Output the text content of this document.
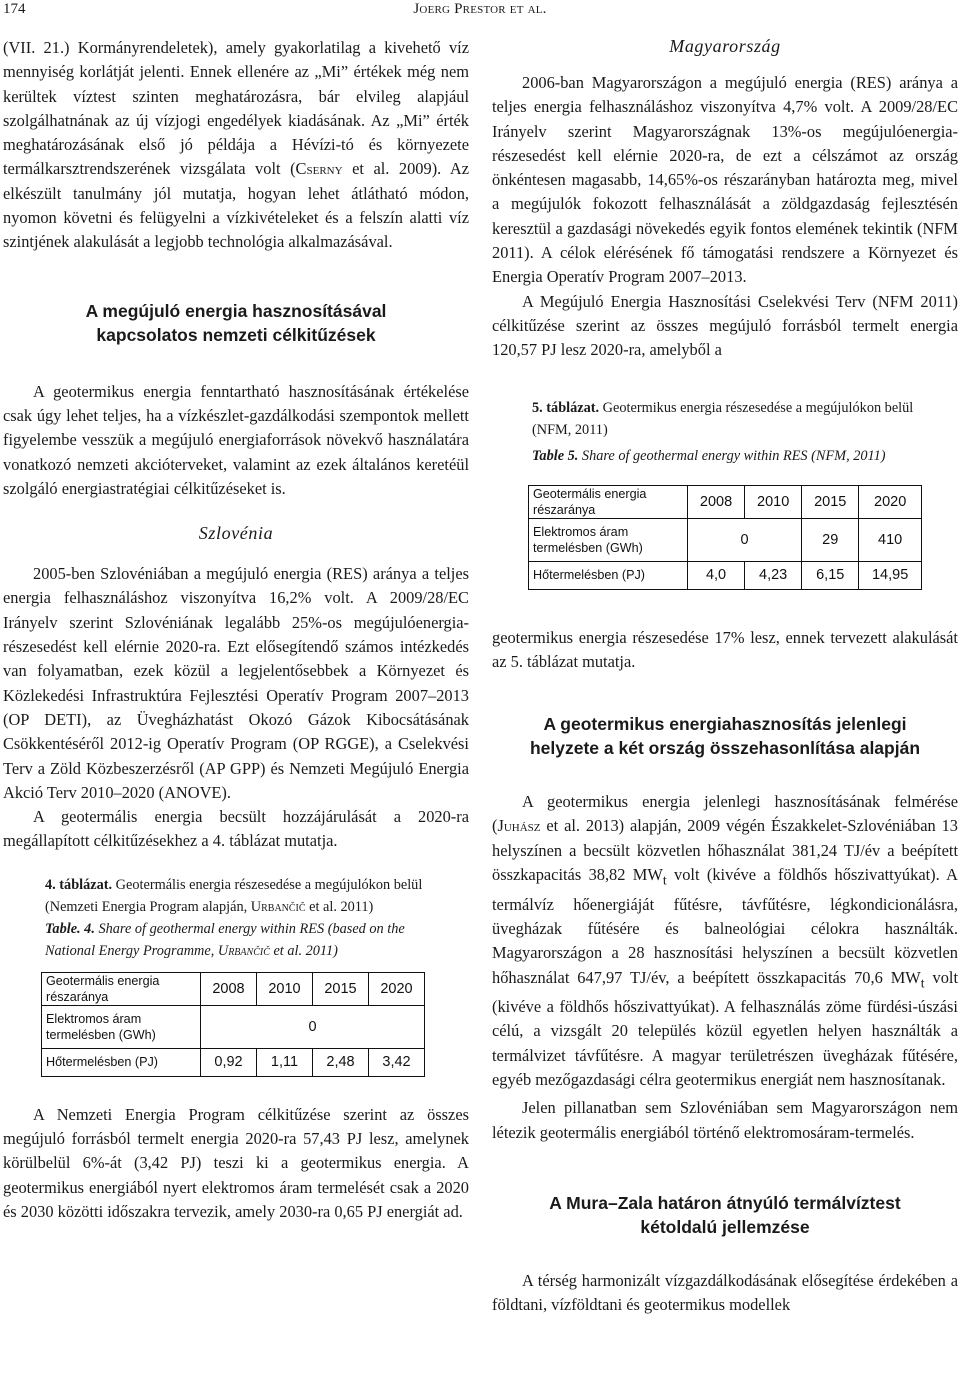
174	Joerg Prestor et al.

(VII. 21.) Kormányrendeletek), amely gyakorlatilag a kivehető víz mennyiség korlátját jelenti. Ennek ellenére az „Mi” értékek még nem kerültek víztest szinten meghatározásra, bár elvileg alapjául szolgálhatnának az új vízjogi engedélyek kiadásának. Az „Mi” érték meghatározásának első jó példája a Hévízi-tó és környezete termálkarsztrendszerének vizsgálata volt (Cserny et al. 2009). Az elkészült tanulmány jól mutatja, hogyan lehet átlátható módon, nyomon követni és felügyelni a vízkivételeket és a felszín alatti víz szintjének alakulását a legjobb technológia alkalmazásával.

A megújuló energia hasznosításával
kapcsolatos nemzeti célkitűzések

A geotermikus energia fenntartható hasznosításának értékelése csak úgy lehet teljes, ha a vízkészlet-gazdálkodási szempontok mellett figyelembe vesszük a megújuló energiaforrások növekvő használatára vonatkozó nemzeti akcióterveket, valamint az ezek általános keretéül szolgáló energiastratégiai célkitűzéseket is.

Szlovénia

2005-ben Szlovéniában a megújuló energia (RES) aránya a teljes energia felhasználáshoz viszonyítva 16,2% volt. A 2009/28/EC Irányelv szerint Szlovéniának legalább 25%-os megújulóenergia-részesedést kell elérnie 2020-ra. Ezt elősegítendő számos intézkedés van folyamatban, ezek közül a legjelentősebbek a Környezet és Közlekedési Infrastruktúra Fejlesztési Operatív Program 2007–2013 (OP DETI), az Üvegházhatást Okozó Gázok Kibocsátásának Csökkentéséről 2012-ig Operatív Program (OP RGGE), a Cselekvési Terv a Zöld Közbeszerzésről (AP GPP) és Nemzeti Megújuló Energia Akció Terv 2010–2020 (ANOVE).

A geotermális energia becsült hozzájárulását a 2020-ra megállapított célkitűzésekhez a 4. táblázat mutatja.

4. táblázat. Geotermális energia részesedése a megújulókon belül (Nemzeti Energia Program alapján, Urbančič et al. 2011)

Table. 4. Share of geothermal energy within RES (based on the National Energy Programme, Urbančič et al. 2011)

Geotermális energia részaránya	2008	2010	2015	2020
Elektromos áram termelésben (GWh)	0			
Hőtermelésben (PJ)	0,92	1,11	2,48	3,42

A Nemzeti Energia Program célkitűzése szerint az összes megújuló forrásból termelt energia 2020-ra 57,43 PJ lesz, amelynek körülbelül 6%-át (3,42 PJ) teszi ki a geotermikus energia. A geotermikus energiából nyert elektromos áram termelését csak a 2020 és 2030 közötti időszakra tervezik, amely 2030-ra 0,65 PJ energiát ad.

Magyarország

2006-ban Magyarországon a megújuló energia (RES) aránya a teljes energia felhasználáshoz viszonyítva 4,7% volt. A 2009/28/EC Irányelv szerint Magyarországnak 13%-os megújulóenergia-részesedést kell elérnie 2020-ra, de ezt a célszámot az ország önkéntesen magasabb, 14,65%-os részarányban határozta meg, mivel a megújulók fokozott felhasználását a zöldgazdaság fejlesztésén keresztül a gazdasági növekedés egyik fontos elemének tekintik (NFM 2011). A célok elérésének fő támogatási rendszere a Környezet és Energia Operatív Program 2007–2013.

A Megújuló Energia Hasznosítási Cselekvési Terv (NFM 2011) célkitűzése szerint az összes megújuló forrásból termelt energia 120,57 PJ lesz 2020-ra, amelyből a

5. táblázat. Geotermikus energia részesedése a megújulókon belül (NFM, 2011)

Table 5. Share of geothermal energy within RES (NFM, 2011)

Geotermális energia részaránya	2008	2010	2015	2020
Elektromos áram termelésben (GWh)	0		29	410
Hőtermelésben (PJ)	4,0	4,23	6,15	14,95

geotermikus energia részesedése 17% lesz, ennek tervezett alakulását az 5. táblázat mutatja.

A geotermikus energiahasznosítás jelenlegi
helyzete a két ország összehasonlítása alapján

A geotermikus energia jelenlegi hasznosításának felmérése (Juhász et al. 2013) alapján, 2009 végén Északkelet-Szlovéniában 13 helyszínen a becsült közvetlen hőhasználat 381,24 TJ/év a beépített összkapacitás 38,82 $MW_t$ volt (kivéve a földhős hőszivattyúkat). A termálvíz hőenergiáját fűtésre, távfűtésre, légkondicionálásra, üvegházak fűtésére és balneológiai célokra használták. Magyarországon a 28 hasznosítási helyszínen a becsült közvetlen hőhasználat 647,97 TJ/év, a beépített összkapacitás 70,6 $MW_t$ volt (kivéve a földhős hőszivattyúkat). A felhasználás zöme fürdési-úszási célú, a vizsgált 20 település közül egyetlen helyen használták a termálvizet távfűtésre. A magyar területrészen üvegházak fűtésére, egyéb mezőgazdasági célra geotermikus energiát nem hasznosítanak.

Jelen pillanatban sem Szlovéniában sem Magyarországon nem létezik geotermális energiából történő elektromosáram-termelés.

A Mura–Zala határon átnyúló termálvíztest
kétoldalú jellemzése

A térség harmonizált vízgazdálkodásának elősegítése érdekében a földtani, vízföldtani és geotermikus modellek
